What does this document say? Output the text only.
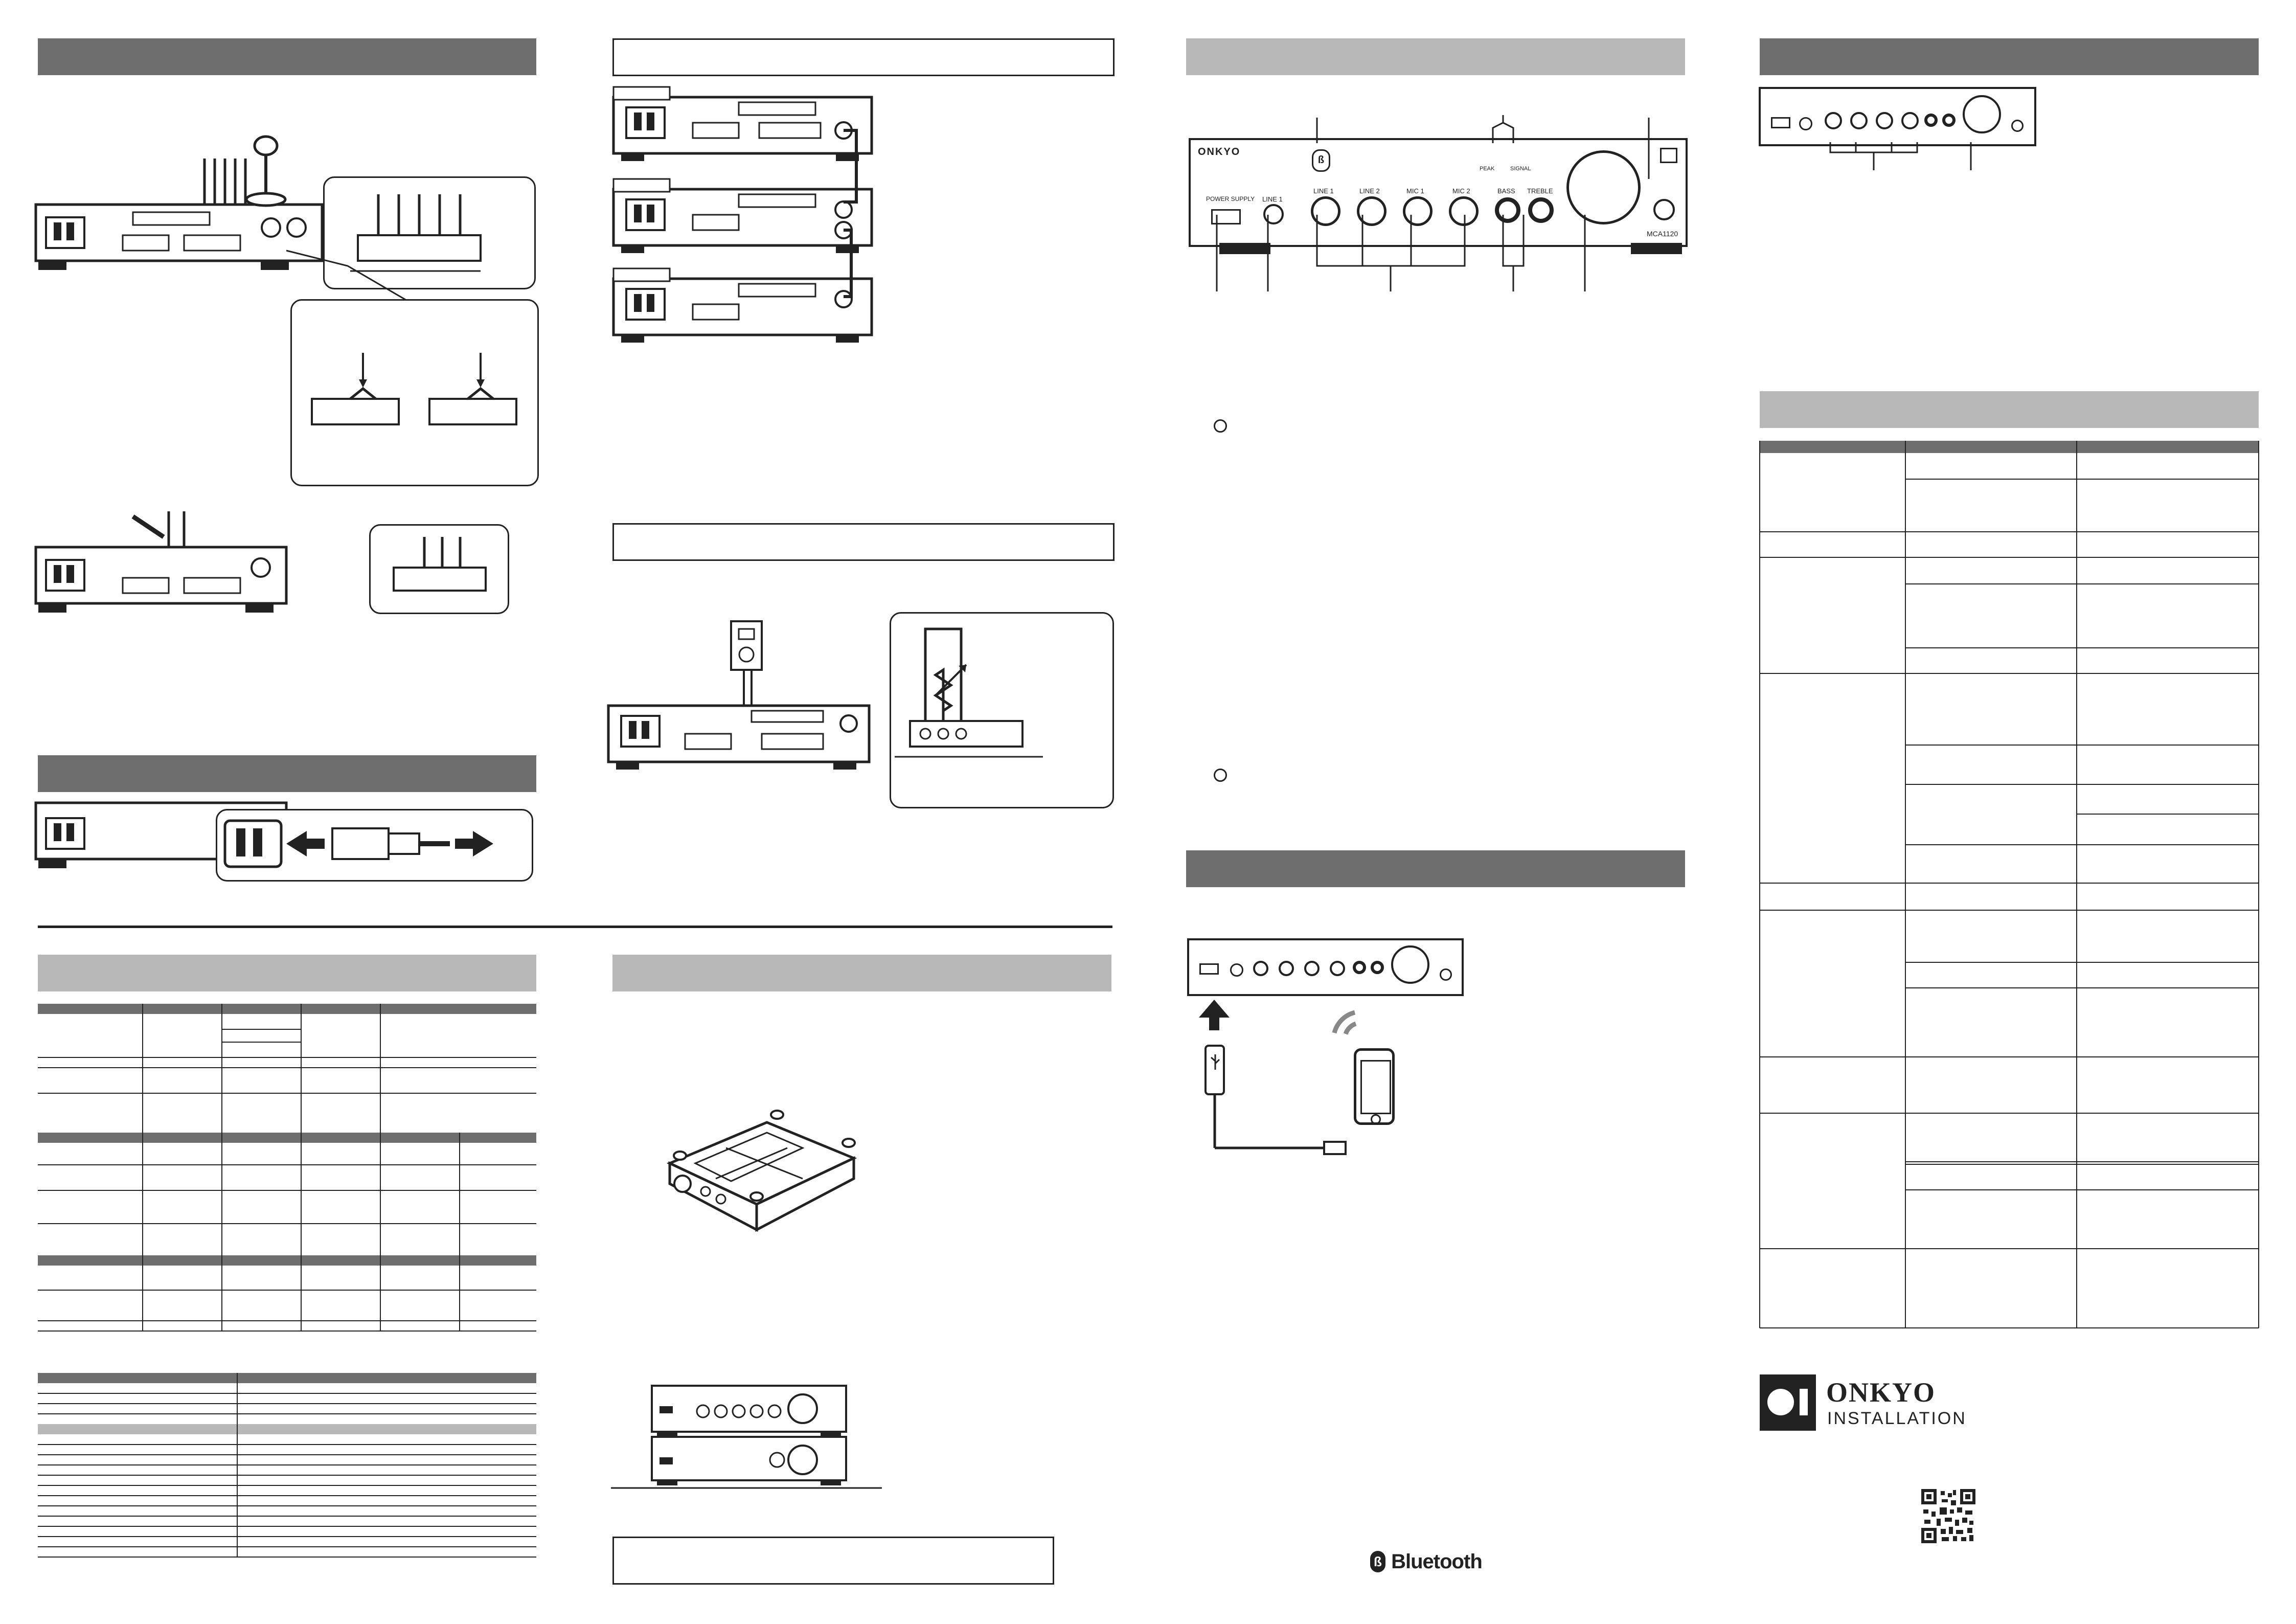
ONKYO
POWER SUPPLY LINE 1
ß
LINE 1	LINE 2	MIC 1	MIC 2	BASS TREBLE
PEAK	SIGNAL
MCA1120
ß Bluetooth
ONKYO
INSTALLATION
